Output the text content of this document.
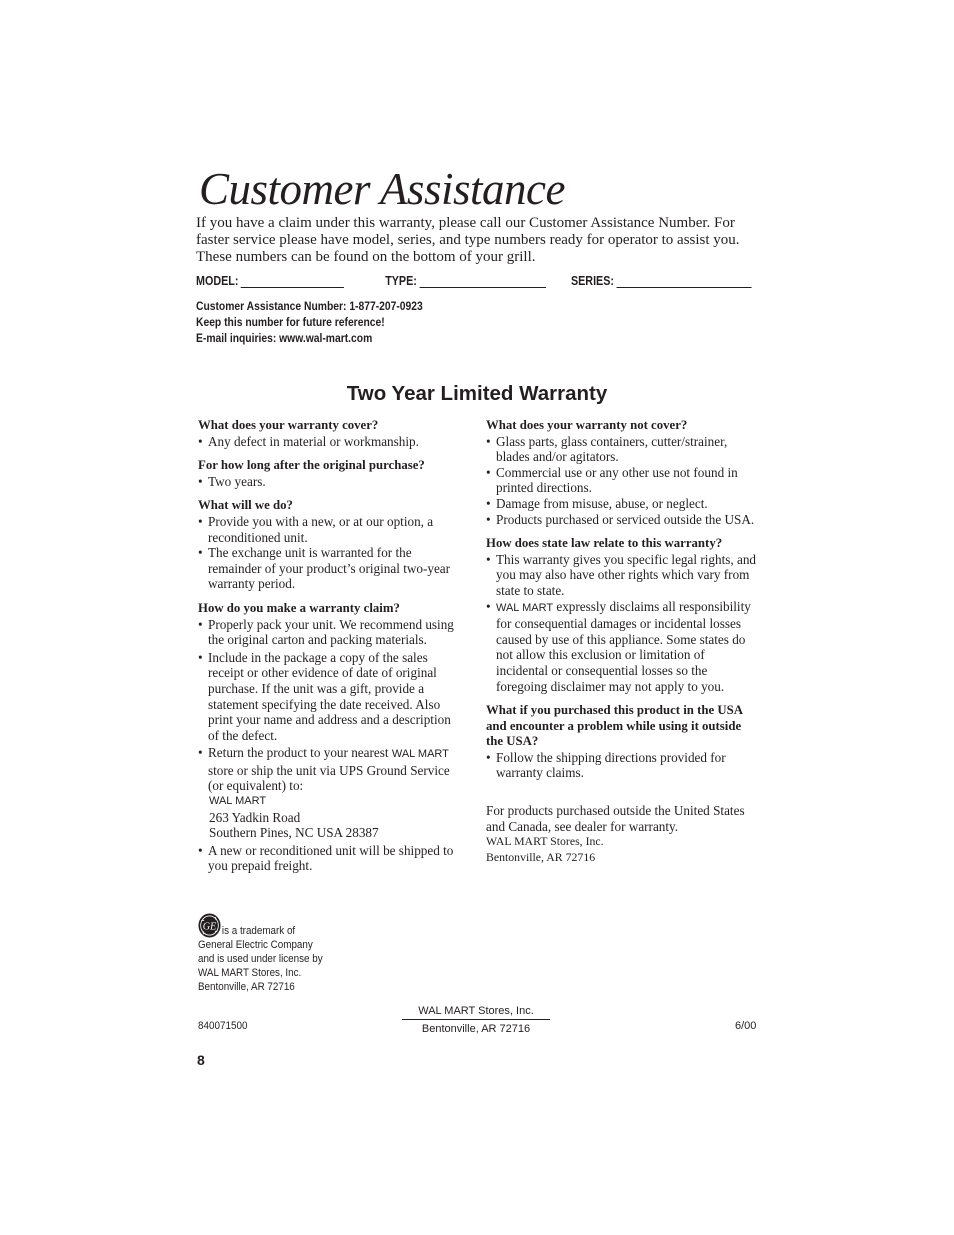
Customer Assistance

If you have a claim under this warranty, please call our Customer Assistance Number. For faster service please have model, series, and type numbers ready for operator to assist you. These numbers can be found on the bottom of your grill.

MODEL:	TYPE:	SERIES:
Customer Assistance Number: 1-877-207-0923
Keep this number for future reference!
E-mail inquiries: www.wal-mart.com
Two Year Limited Warranty
What does your warranty cover?
• Any defect in material or workmanship.
For how long after the original purchase?
• Two years.
What will we do?
• Provide you with a new, or at our option, a reconditioned unit.
• The exchange unit is warranted for the remainder of your product’s original two-year warranty period.
How do you make a warranty claim?
• Properly pack your unit. We recommend using the original carton and packing materials.
• Include in the package a copy of the sales receipt or other evidence of date of original purchase. If the unit was a gift, provide a statement specifying the date received. Also print your name and address and a description of the defect.
• Return the product to your nearest WAL MART store or ship the unit via UPS Ground Service (or equivalent) to:
WAL MART
263 Yadkin Road
Southern Pines, NC USA 28387
• A new or reconditioned unit will be shipped to you prepaid freight.
What does your warranty not cover?
• Glass parts, glass containers, cutter/strainer, blades and/or agitators.
• Commercial use or any other use not found in printed directions.
• Damage from misuse, abuse, or neglect.
• Products purchased or serviced outside the USA.
How does state law relate to this warranty?
• This warranty gives you specific legal rights, and you may also have other rights which vary from state to state.
• WAL MART expressly disclaims all responsibility for consequential damages or incidental losses caused by use of this appliance. Some states do not allow this exclusion or limitation of incidental or consequential losses so the foregoing disclaimer may not apply to you.
What if you purchased this product in the USA and encounter a problem while using it outside the USA?
• Follow the shipping directions provided for warranty claims.

For products purchased outside the United States and Canada, see dealer for warranty.

WAL MART Stores, Inc.
Bentonville, AR 72716
GE is a trademark of
General Electric Company
and is used under license by
WAL MART Stores, Inc.
Bentonville, AR 72716
WAL MART Stores, Inc.
Bentonville, AR 72716
840071500	6/00
8
